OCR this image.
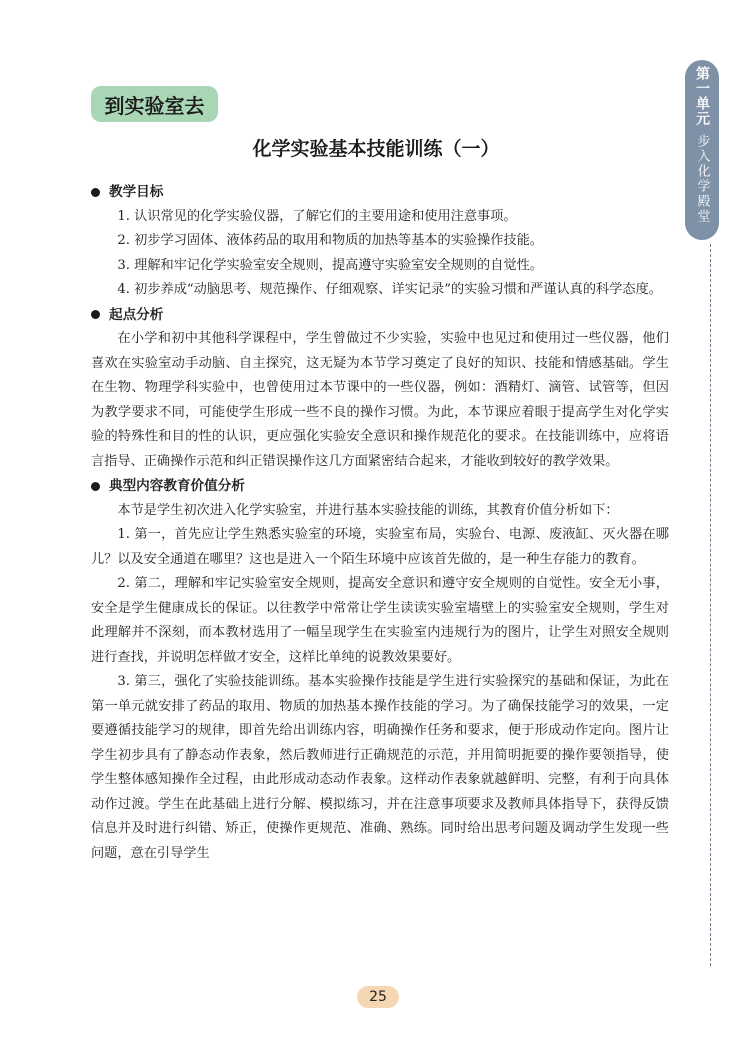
到实验室去
化学实验基本技能训练（一）
第一单元
步入化学殿堂
教学目标

1. 认识常见的化学实验仪器，了解它们的主要用途和使用注意事项。

2. 初步学习固体、液体药品的取用和物质的加热等基本的实验操作技能。

3. 理解和牢记化学实验室安全规则，提高遵守实验室安全规则的自觉性。

4. 初步养成“动脑思考、规范操作、仔细观察、详实记录”的实验习惯和严谨认真的科学态度。

起点分析

在小学和初中其他科学课程中，学生曾做过不少实验，实验中也见过和使用过一些仪器，他们喜欢在实验室动手动脑、自主探究，这无疑为本节学习奠定了良好的知识、技能和情感基础。学生在生物、物理学科实验中，也曾使用过本节课中的一些仪器，例如：酒精灯、滴管、试管等，但因为教学要求不同，可能使学生形成一些不良的操作习惯。为此，本节课应着眼于提高学生对化学实验的特殊性和目的性的认识，更应强化实验安全意识和操作规范化的要求。在技能训练中，应将语言指导、正确操作示范和纠正错误操作这几方面紧密结合起来，才能收到较好的教学效果。

典型内容教育价值分析

本节是学生初次进入化学实验室，并进行基本实验技能的训练，其教育价值分析如下：

1. 第一，首先应让学生熟悉实验室的环境，实验室布局，实验台、电源、废液缸、灭火器在哪儿？以及安全通道在哪里？这也是进入一个陌生环境中应该首先做的，是一种生存能力的教育。

2. 第二，理解和牢记实验室安全规则，提高安全意识和遵守安全规则的自觉性。安全无小事，安全是学生健康成长的保证。以往教学中常常让学生读读实验室墙壁上的实验室安全规则，学生对此理解并不深刻，而本教材选用了一幅呈现学生在实验室内违规行为的图片，让学生对照安全规则进行查找，并说明怎样做才安全，这样比单纯的说教效果要好。

3. 第三，强化了实验技能训练。基本实验操作技能是学生进行实验探究的基础和保证，为此在第一单元就安排了药品的取用、物质的加热基本操作技能的学习。为了确保技能学习的效果，一定要遵循技能学习的规律，即首先给出训练内容，明确操作任务和要求，便于形成动作定向。图片让学生初步具有了静态动作表象，然后教师进行正确规范的示范，并用简明扼要的操作要领指导，使学生整体感知操作全过程，由此形成动态动作表象。这样动作表象就越鲜明、完整，有利于向具体动作过渡。学生在此基础上进行分解、模拟练习，并在注意事项要求及教师具体指导下，获得反馈信息并及时进行纠错、矫正，使操作更规范、准确、熟练。同时给出思考问题及调动学生发现一些问题，意在引导学生

25
